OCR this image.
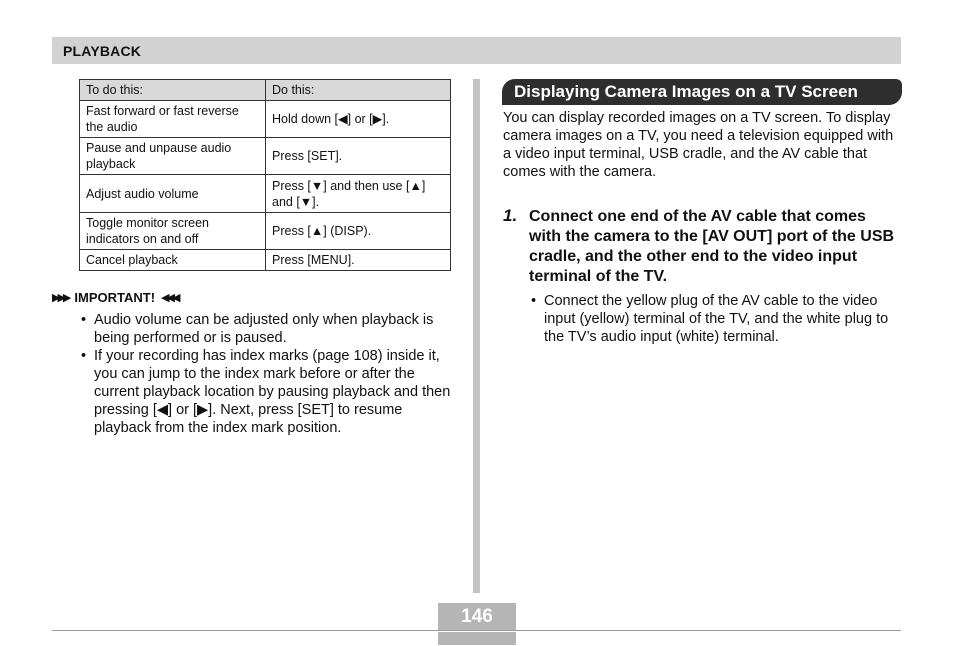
PLAYBACK
To do this:	Do this:
Fast forward or fast reverse the audio	Hold down [◀] or [▶].
Pause and unpause audio playback	Press [SET].
Adjust audio volume	Press [▼] and then use [▲] and [▼].
Toggle monitor screen indicators on and off	Press [▲] (DISP).
Cancel playback	Press [MENU].
▶▶▶ IMPORTANT! ◀◀◀
• Audio volume can be adjusted only when playback is being performed or is paused.
• If your recording has index marks (page 108) inside it, you can jump to the index mark before or after the current playback location by pausing playback and then pressing [◀] or [▶]. Next, press [SET] to resume playback from the index mark position.
Displaying Camera Images on a TV Screen

You can display recorded images on a TV screen. To display camera images on a TV, you need a television equipped with a video input terminal, USB cradle, and the AV cable that comes with the camera.

1. Connect one end of the AV cable that comes with the camera to the [AV OUT] port of the USB cradle, and the other end to the video input terminal of the TV.

• Connect the yellow plug of the AV cable to the video input (yellow) terminal of the TV, and the white plug to the TV’s audio input (white) terminal.
146
